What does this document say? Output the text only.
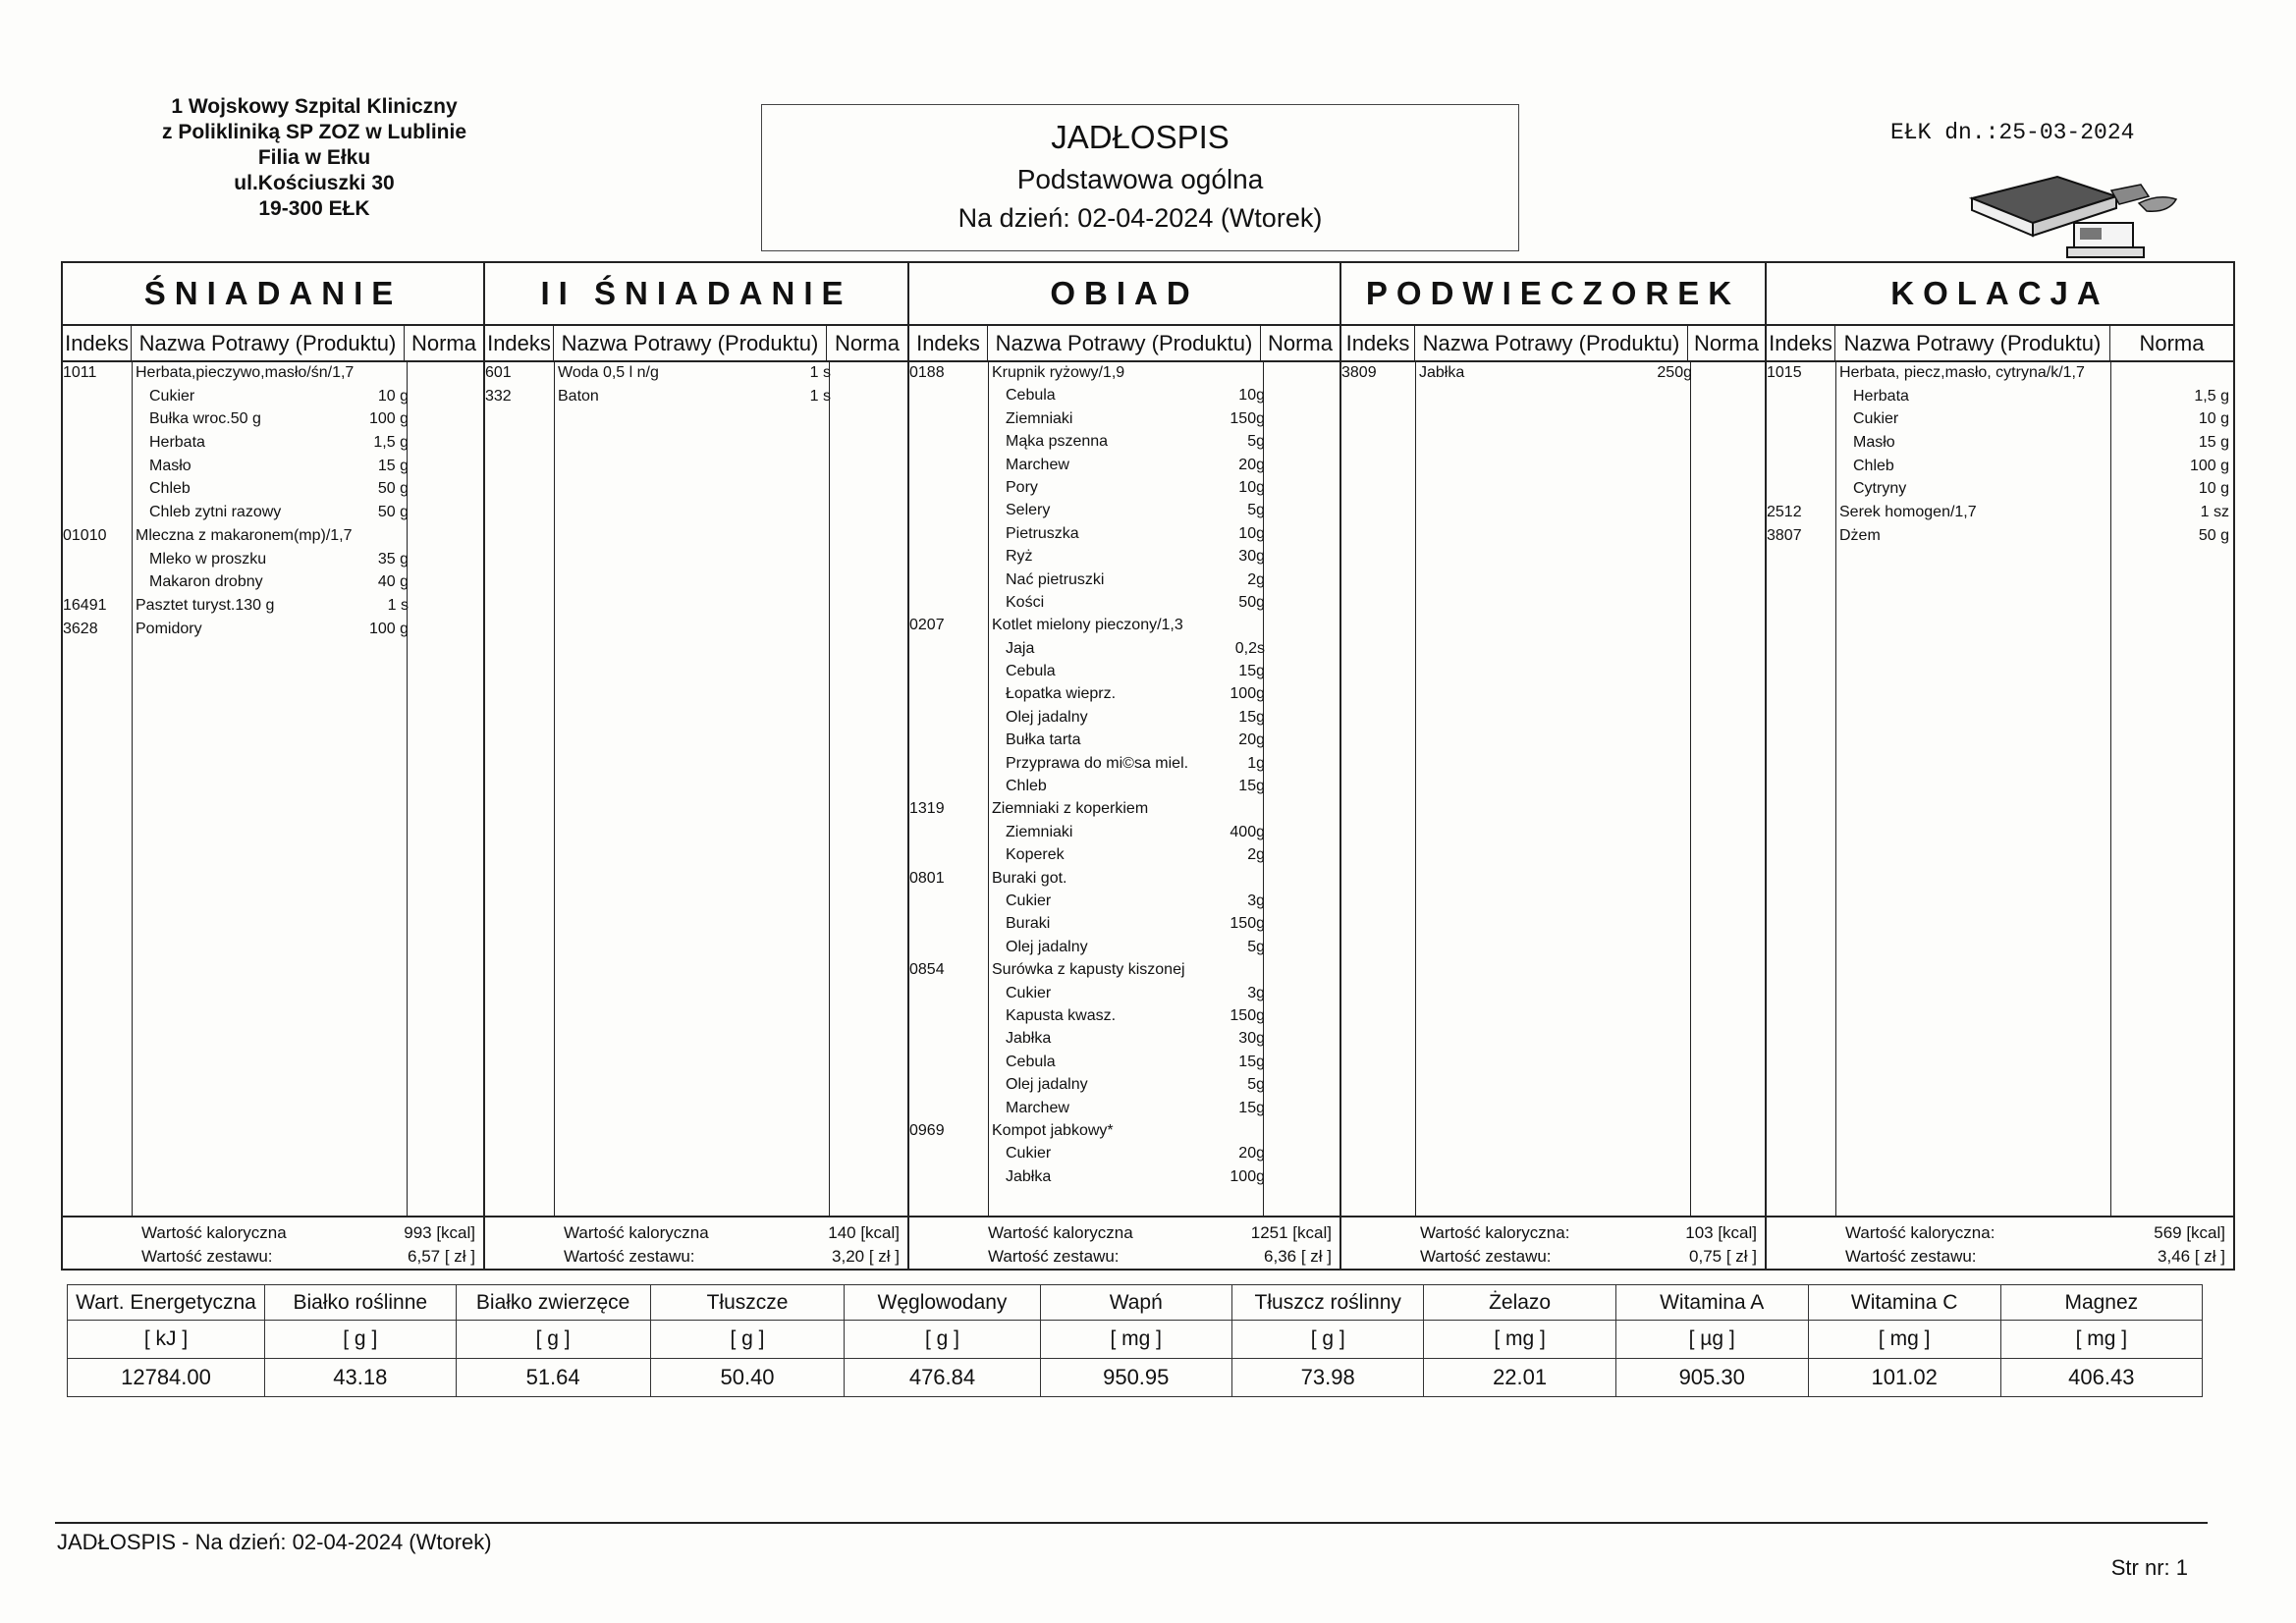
1 Wojskowy Szpital Kliniczny
z Polikliniką SP ZOZ w Lublinie
Filia w Ełku
ul.Kościuszki 30
19-300 EŁK
JADŁOSPIS
Podstawowa ogólna
Na dzień: 02-04-2024 (Wtorek)
EŁK dn.:25-03-2024
ŚNIADANIE
Indeks Nazwa Potrawy (Produktu) Norma
1011 Herbata,pieczywo,masło/śn/1,7
Cukier	10 g
Bułka wroc.50 g	100 g
Herbata	1,5 g
Masło	15 g
Chleb	50 g
Chleb zytni razowy	50 g
01010 Mleczna z makaronem(mp)/1,7
Mleko w proszku	35 g
Makaron drobny	40 g
16491 Pasztet turyst.130 g	1 s
3628 Pomidory	100 g
Wartość kaloryczna	993 [kcal]
Wartość zestawu:	6,57 [ zł ]
II ŚNIADANIE
Indeks Nazwa Potrawy (Produktu) Norma
601	Woda 0,5 l n/g	1 s
332	Baton	1 s
Wartość kaloryczna	140 [kcal]
Wartość zestawu:	3,20 [ zł ]
OBIAD
Indeks Nazwa Potrawy (Produktu) Norma
0188	Krupnik ryżowy/1,9
Cebula	10g
Ziemniaki	150g
Mąka pszenna	5g
Marchew	20g
Pory	10g
Selery	5g
Pietruszka	10g
Ryż	30g
Nać pietruszki	2g
Kości	50g
0207	Kotlet mielony pieczony/1,3
Jaja	0,2s
Cebula	15g
Łopatka wieprz.	100g
Olej jadalny	15g
Bułka tarta	20g
Przyprawa do mi©sa miel.	1g
Chleb	15g
1319	Ziemniaki z koperkiem
Ziemniaki	400g
Koperek	2g
0801	Buraki got.
Cukier	3g
Buraki	150g
Olej jadalny	5g
0854	Surówka z kapusty kiszonej
Cukier	3g
Kapusta kwasz.	150g
Jabłka	30g
Cebula	15g
Olej jadalny	5g
Marchew	15g
0969	Kompot jabkowy*
Cukier	20g
Jabłka	100g
Wartość kaloryczna	1251 [kcal]
Wartość zestawu:	6,36 [ zł ]
PODWIECZOREK
Indeks Nazwa Potrawy (Produktu) Norma
3809	Jabłka	250g
Wartość kaloryczna:	103 [kcal]
Wartość zestawu:	0,75 [ zł ]
KOLACJA
Indeks Nazwa Potrawy (Produktu)	Norma
1015 Herbata, piecz,masło, cytryna/k/1,7
Herbata	1,5 g
Cukier	10 g
Masło	15 g
Chleb	100 g
Cytryny	10 g
2512 Serek homogen/1,7	1 sz
3807 Dżem	50 g
Wartość kaloryczna:	569 [kcal]
Wartość zestawu:	3,46 [ zł ]
Wart. Energetyczna	Białko roślinne	Białko zwierzęce	Tłuszcze	Węglowodany	Wapń	Tłuszcz roślinny	Żelazo	Witamina A	Witamina C	Magnez
[ kJ ]	[ g ]	[ g ]	[ g ]	[ g ]	[ mg ]	[ g ]	[ mg ]	[ µg ]	[ mg ]	[ mg ]
12784.00	43.18	51.64	50.40	476.84	950.95	73.98	22.01	905.30	101.02	406.43
JADŁOSPIS - Na dzień: 02-04-2024 (Wtorek)
Str nr: 1
